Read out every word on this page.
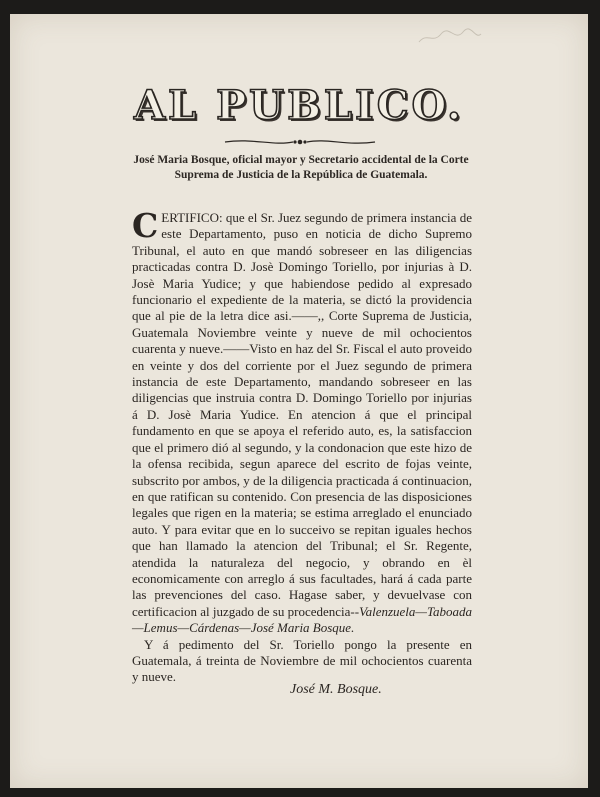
AL PUBLICO.
José Maria Bosque, oficial mayor y Secretario accidental de la Corte Suprema de Justicia de la República de Guatemala.

CERTIFICO: que el Sr. Juez segundo de primera instancia de este Departamento, puso en noticia de dicho Supremo Tribunal, el auto en que mandó sobreseer en las diligencias practicadas contra D. Josè Domingo Toriello, por injurias à D. Josè Maria Yudice; y que habiendose pedido al expresado funcionario el expediente de la materia, se dictó la providencia que al pie de la letra dice asi.——,, Corte Suprema de Justicia, Guatemala Noviembre veinte y nueve de mil ochocientos cuarenta y nueve.——Visto en haz del Sr. Fiscal el auto proveido en veinte y dos del corriente por el Juez segundo de primera instancia de este Departamento, mandando sobreseer en las diligencias que instruia contra D. Domingo Toriello por injurias á D. Josè Maria Yudice. En atencion á que el principal fundamento en que se apoya el referido auto, es, la satisfaccion que el primero dió al segundo, y la condonacion que este hizo de la ofensa recibida, segun aparece del escrito de fojas veinte, subscrito por ambos, y de la diligencia practicada á continuacion, en que ratifican su contenido. Con presencia de las disposiciones legales que rigen en la materia; se estima arreglado el enunciado auto. Y para evitar que en lo succeivo se repitan iguales hechos que han llamado la atencion del Tribunal; el Sr. Regente, atendida la naturaleza del negocio, y obrando en èl economicamente con arreglo á sus facultades, hará á cada parte las prevenciones del caso. Hagase saber, y devuelvase con certificacion al juzgado de su procedencia--Valenzuela—Taboada—Lemus—Cárdenas—José Maria Bosque.

Y á pedimento del Sr. Toriello pongo la presente en Guatemala, á treinta de Noviembre de mil ochocientos cuarenta y nueve.

José M. Bosque.
